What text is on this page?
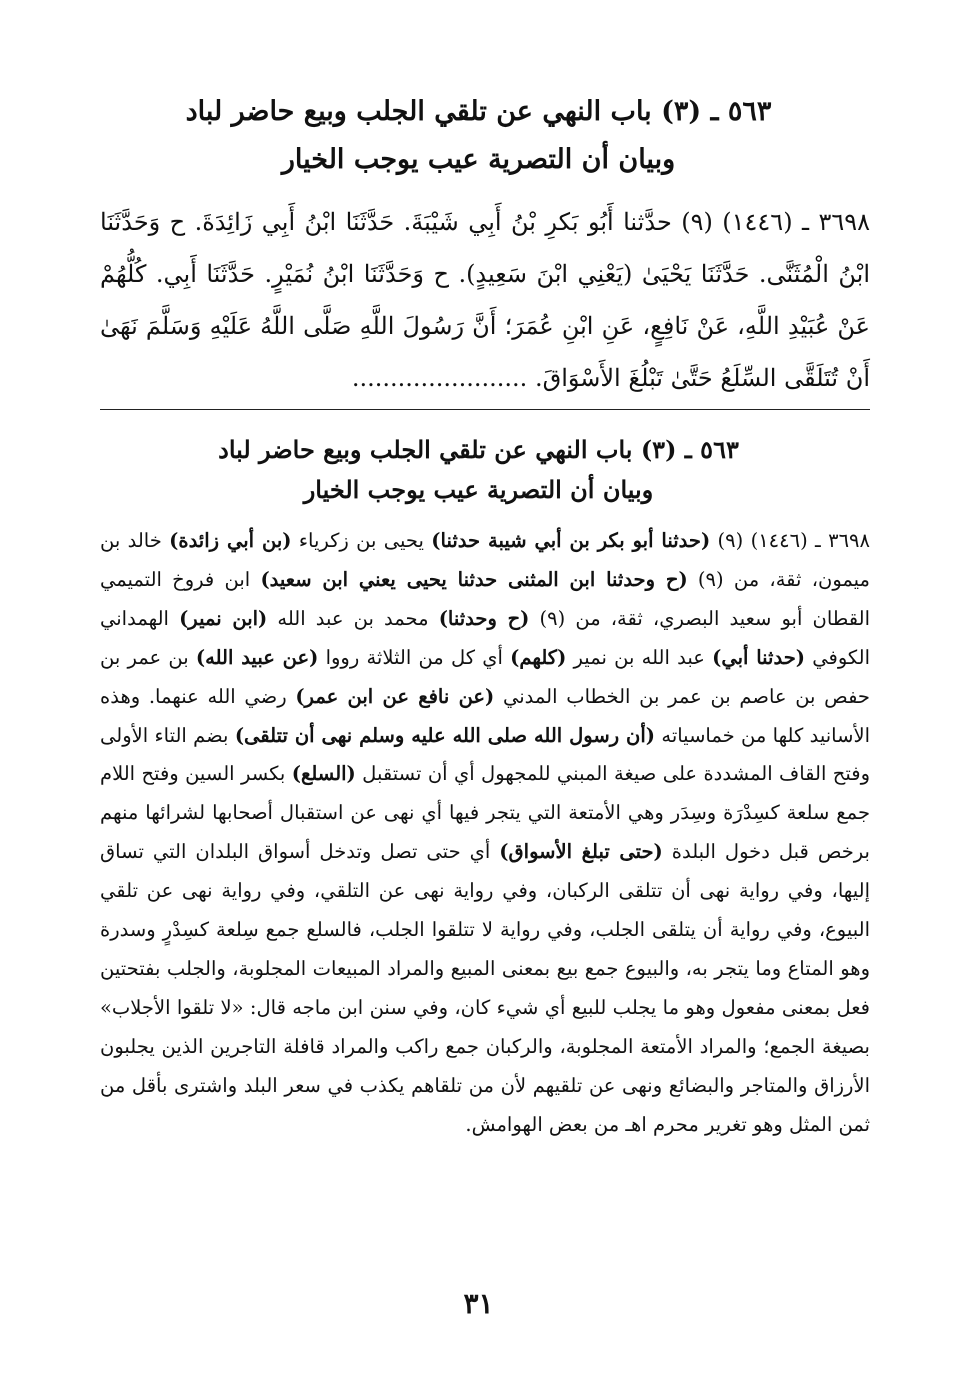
٥٦٣ ـ (٣) باب النهي عن تلقي الجلب وبيع حاضر لباد
وبيان أن التصرية عيب يوجب الخيار
٣٦٩٨ ـ (١٤٤٦) (٩) حدَّثنا أَبُو بَكرِ بْنُ أَبِي شَيْبَةَ. حَدَّثَنَا ابْنُ أَبِي زَائِدَةَ. ح وَحَدَّثَنَا ابْنُ الْمُثَنَّى. حَدَّثَنَا يَحْيَىٰ (يَعْنِي ابْنَ سَعِيدٍ). ح وَحَدَّثَنَا ابْنُ نُمَيْرٍ. حَدَّثَنَا أَبِي. كُلُّهُمْ عَنْ عُبَيْدِ اللَّهِ، عَنْ نَافِعٍ، عَنِ ابْنِ عُمَرَ؛ أَنَّ رَسُولَ اللَّهِ صَلَّى اللَّهُ عَلَيْهِ وَسَلَّمَ نَهَىٰ أَنْ تُتَلَقَّى السِّلَعُ حَتَّىٰ تَبْلُغَ الأَسْوَاقَ. .......................
٥٦٣ ـ (٣) باب النهي عن تلقي الجلب وبيع حاضر لباد
وبيان أن التصرية عيب يوجب الخيار
٣٦٩٨ ـ (١٤٤٦) (٩) (حدثنا أبو بكر بن أبي شيبة حدثنا) يحيى بن زكرياء (بن أبي زائدة) خالد بن ميمون، ثقة، من (٩) (ح وحدثنا ابن المثنى حدثنا يحيى يعني ابن سعيد) ابن فروخ التميمي القطان أبو سعيد البصري، ثقة، من (٩) (ح وحدثنا) محمد بن عبد الله (ابن نمير) الهمداني الكوفي (حدثنا أبي) عبد الله بن نمير (كلهم) أي كل من الثلاثة رووا (عن عبيد الله) بن عمر بن حفص بن عاصم بن عمر بن الخطاب المدني (عن نافع عن ابن عمر) رضي الله عنهما. وهذه الأسانيد كلها من خماسياته (أن رسول الله صلى الله عليه وسلم نهى أن تتلقى) بضم التاء الأولى وفتح القاف المشددة على صيغة المبني للمجهول أي أن تستقبل (السلع) بكسر السين وفتح اللام جمع سلعة كسِدْرَة وسِدَر وهي الأمتعة التي يتجر فيها أي نهى عن استقبال أصحابها لشرائها منهم برخص قبل دخول البلدة (حتى تبلغ الأسواق) أي حتى تصل وتدخل أسواق البلدان التي تساق إليها، وفي رواية نهى أن تتلقى الركبان، وفي رواية نهى عن التلقي، وفي رواية نهى عن تلقي البيوع، وفي رواية أن يتلقى الجلب، وفي رواية لا تتلقوا الجلب، فالسلع جمع سِلعة كسِدْرٍ وسدرة وهو المتاع وما يتجر به، والبيوع جمع بيع بمعنى المبيع والمراد المبيعات المجلوبة، والجلب بفتحتين فعل بمعنى مفعول وهو ما يجلب للبيع أي شيء كان، وفي سنن ابن ماجه قال: «لا تلقوا الأجلاب» بصيغة الجمع؛ والمراد الأمتعة المجلوبة، والركبان جمع راكب والمراد قافلة التاجرين الذين يجلبون الأرزاق والمتاجر والبضائع ونهى عن تلقيهم لأن من تلقاهم يكذب في سعر البلد واشترى بأقل من ثمن المثل وهو تغرير محرم اهـ من بعض الهوامش.
٣١
